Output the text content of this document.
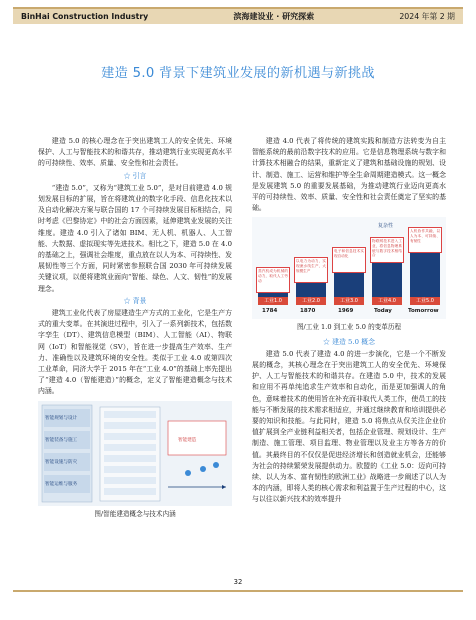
BinHai Construction Industry	滨海建设业 · 研究探索	2024 年第 2 期
建造 5.0 背景下建筑业发展的新机遇与新挑战

建造 5.0 的核心理念在于突出建筑工人的安全优先、环境保护、人工与智能技术的和谐共存，推动建筑行业实现更高水平的可持续性、效率、质量、安全性和社会责任。

☆ 引言

“建造 5.0”，又称为“建筑工业 5.0”，是对目前建造 4.0 规划发展目标的扩展，旨在将建筑业的数字化手段、信息化技术以及自动化解决方案与联合国的 17 个可持续发展目标相结合，同时考虑《巴黎协定》中的社会方面因素，延伸建筑业发展的关注维度。建造 4.0 引入了诸如 BIM、无人机、机器人、人工智能、大数据、虚拟现实等先进技术。相比之下，建造 5.0 在 4.0 的基础之上，强调社会维度，重点放在以人为本、可持续性、发展韧性等三个方面，同时紧密参照联合国 2030 年可持续发展关键议项，以便将建筑业面向“智能、绿色、人文、韧性”的发展理念。

☆ 背景

建筑工业化代表了房屋建造生产方式的工业化，它是生产方式的重大变革。在其演进过程中，引入了一系列新技术，包括数字孪生（DT）、建筑信息模型（BIM）、人工智能（AI）、物联网（IoT）和智能视觉（SV），旨在进一步提高生产效率、生产力、准确性以及建筑环境的安全性。类似于工业 4.0 或第四次工业革命，同济大学于 2015 年在“工业 4.0”的基础上率先提出了“建造 4.0（智能建造）”的概念，定义了智能建造概念与技术内涵。

智能规划与设计
智能装备与施工
智能设施与防灾
智能运维与服务
智能建造

图/智能建造概念与技术内涵

建造 4.0 代表了将传统的建筑实践和制造方法转变为自主智能系统的最前沿数字技术的应用。它是信息物理系统与数字和计算技术相融合的结果，重新定义了建筑和基础设施的规划、设计、制造、施工、运营和维护等全生命周期建造模式。这一概念是发展建筑 5.0 的重要发展基础，为推动建筑行业迈向更高水平的可持续性、效率、质量、安全性和社会责任奠定了坚实的基础。

复杂性
蒸汽机成为机械的动力，取代人工劳动
以电力为动力，实现流水线生产，大规模生产
电子和信息技术实现自动化
物联网技术进入工业，将信息物理系统与数字技术相结合
人机协作共融，以人为本、可持续、有韧性
工业1.0	工业2.0	工业3.0	工业4.0	工业5.0
1784	1870	1969	Today	Tomorrow

图/工业 1.0 到工业 5.0 的变革历程

☆ 建造 5.0 概念

建造 5.0 代表了建造 4.0 的进一步演化，它是一个不断发展的概念，其核心理念在于突出建筑工人的安全优先、环境保护、人工与智能技术的和谐共存。在建造 5.0 中，技术的发展和应用不再单纯追求生产效率和自动化，而是更加强调人的角色，意味着技术的使用旨在补充而非取代人类工作，使员工的技能与不断发展的技术需求相适应，并通过继续教育和培训提供必要的知识和技能。与此同时，建造 5.0 将焦点从仅关注企业价值扩展到全产业链利益相关者，包括企业管理、规划设计、生产制造、施工管理、项目监理、物业管理以及业主方等各方的价值。其最终目的不仅仅是促进经济增长和创造就业机会，还能够为社会的持续繁荣发展提供动力。欧盟的《工业 5.0：迈向可持续、以人为本、富有韧性的欧洲工业》战略进一步阐述了以人为本的内涵，即将人类的核心需求和利益置于生产过程的中心，这与以往以新兴技术的效率提升

32
